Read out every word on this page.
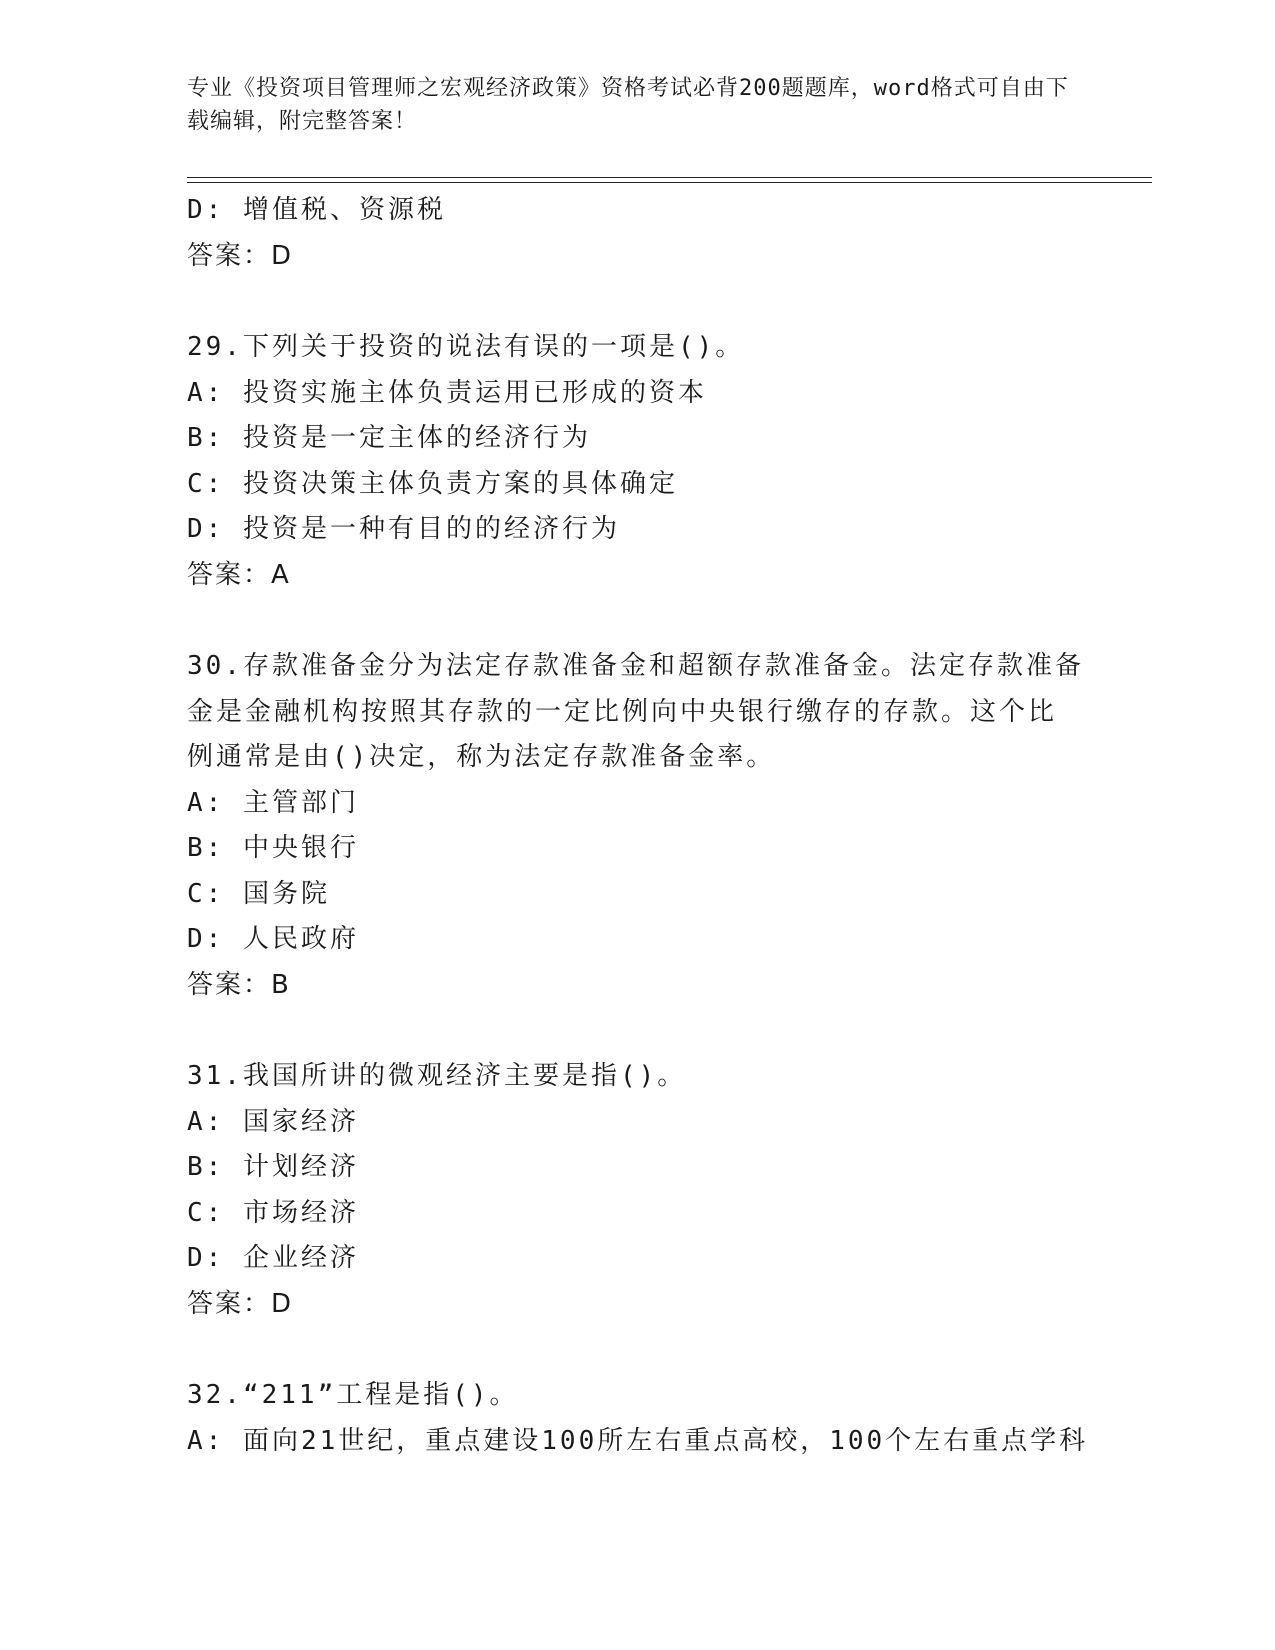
专业《投资项目管理师之宏观经济政策》资格考试必背200题题库，word格式可自由下载编辑，附完整答案！
D: 增值税、资源税
答案：D
29.下列关于投资的说法有误的一项是()。
A: 投资实施主体负责运用已形成的资本
B: 投资是一定主体的经济行为
C: 投资决策主体负责方案的具体确定
D: 投资是一种有目的的经济行为
答案：A
30.存款准备金分为法定存款准备金和超额存款准备金。法定存款准备
金是金融机构按照其存款的一定比例向中央银行缴存的存款。这个比
例通常是由()决定，称为法定存款准备金率。
A: 主管部门
B: 中央银行
C: 国务院
D: 人民政府
答案：B
31.我国所讲的微观经济主要是指()。
A: 国家经济
B: 计划经济
C: 市场经济
D: 企业经济
答案：D
32.“211”工程是指()。
A: 面向21世纪，重点建设100所左右重点高校，100个左右重点学科
